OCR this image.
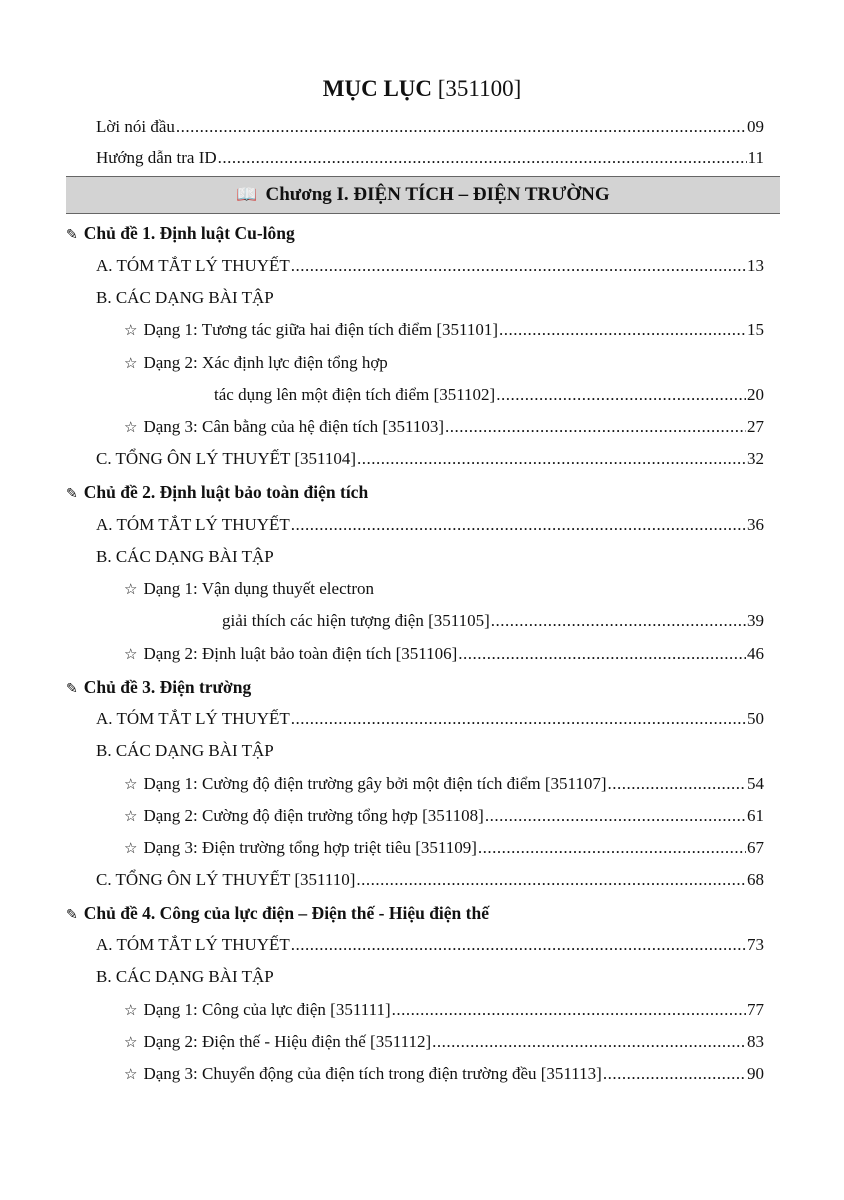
MỤC LỤC [351100]
Lời nói đầu .....	09
Hướng dẫn tra ID .....	11
📖 Chương I. ĐIỆN TÍCH – ĐIỆN TRƯỜNG
✎ Chủ đề 1. Định luật Cu-lông
A. TÓM TẮT LÝ THUYẾT .....	13
B. CÁC DẠNG BÀI TẬP
☆ Dạng 1: Tương tác giữa hai điện tích điểm [351101] .....	15
☆ Dạng 2: Xác định lực điện tổng hợp
tác dụng lên một điện tích điểm [351102] .....	20
☆ Dạng 3: Cân bằng của hệ điện tích [351103] .....	27
C. TỔNG ÔN LÝ THUYẾT [351104] .....	32
✎ Chủ đề 2. Định luật bảo toàn điện tích
A. TÓM TẮT LÝ THUYẾT .....	36
B. CÁC DẠNG BÀI TẬP
☆ Dạng 1: Vận dụng thuyết electron
giải thích các hiện tượng điện [351105] .....	39
☆ Dạng 2: Định luật bảo toàn điện tích [351106] .....	46
✎ Chủ đề 3. Điện trường
A. TÓM TẮT LÝ THUYẾT .....	50
B. CÁC DẠNG BÀI TẬP
☆ Dạng 1: Cường độ điện trường gây bởi một điện tích điểm [351107] .....	54
☆ Dạng 2: Cường độ điện trường tổng hợp [351108] .....	61
☆ Dạng 3: Điện trường tổng hợp triệt tiêu [351109] .....	67
C. TỔNG ÔN LÝ THUYẾT [351110] .....	68
✎ Chủ đề 4. Công của lực điện – Điện thế - Hiệu điện thế
A. TÓM TẮT LÝ THUYẾT .....	73
B. CÁC DẠNG BÀI TẬP
☆ Dạng 1: Công của lực điện [351111] .....	77
☆ Dạng 2: Điện thế - Hiệu điện thế [351112] .....	83
☆ Dạng 3: Chuyển động của điện tích trong điện trường đều [351113] .....	90
